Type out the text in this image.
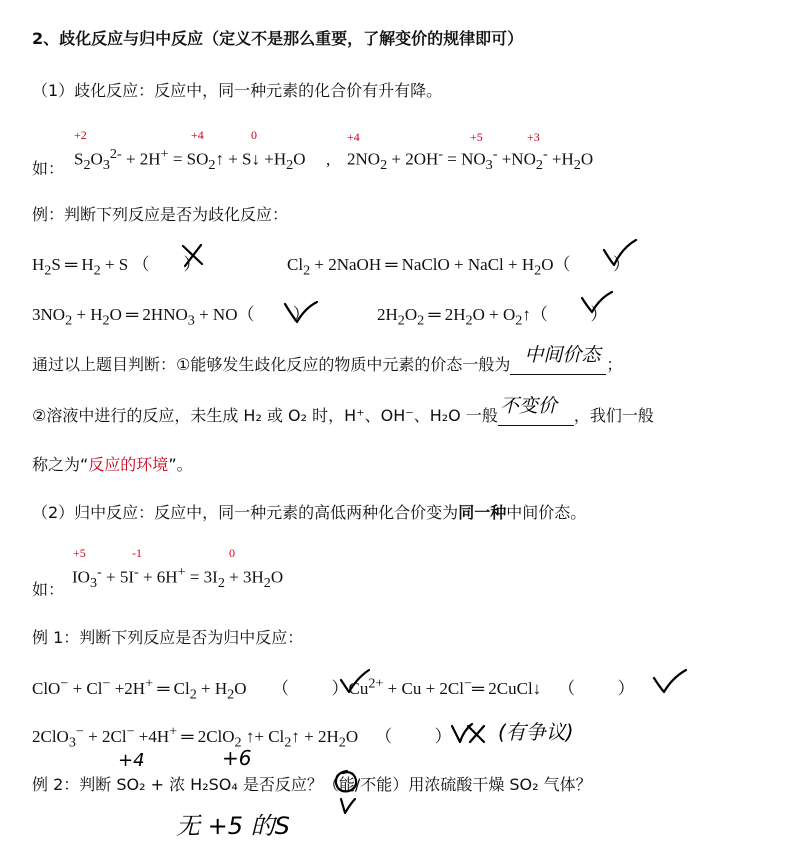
2、歧化反应与归中反应（定义不是那么重要，了解变价的规律即可）
（1）歧化反应：反应中，同一种元素的化合价有升有降。
+2	+4	0	+4	+5	+3
如： $S_2O_3^{2-} + 2H^+$ = $SO_2↑$ + S↓ $+H_2O$ , $2NO_2 + 2OH^- = NO_3^- +NO_2^- +H_2O$
例：判断下列反应是否为歧化反应：
$H_2S$ ═ $H_2 + S$ （        ）	$Cl_2$ + 2NaOH ═ NaClO + NaCl + $H_2O$（          ）
$3NO_2 + H_2O$ ═ $2HNO_3 + NO$（         ）	$2H_2O_2$ ═ $2H_2O$ + $O_2↑$（          ）
通过以上题目判断：①能够发生歧化反应的物质中元素的价态一般为 中间价态 ；
②溶液中进行的反应，未生成 H₂ 或 O₂ 时，H⁺、OH⁻、H₂O 一般 不变价 ，我们一般
称之为“反应的环境”。
（2）归中反应：反应中，同一种元素的高低两种化合价变为同一种中间价态。
+5	-1	0
如：
$IO_3^- + 5I^- + 6H^+ = 3I_2 + 3H_2O$
例 1：判断下列反应是否为归中反应：
ClO− + Cl− +2H+ ═ $Cl_2 + H_2O$      （          ）$Cu^{2+} + Cu$ + 2Cl−═ 2CuCl↓    （          ）
2ClO$_3$− + 2Cl− +4H+ ═ 2ClO$_2$ ↑+ $Cl_2↑ + 2H_2O$    （          ） (有争议)
+4	+6
例 2：判断 SO₂ + 浓 H₂SO₄ 是否反应？（能
/不能）用浓硫酸干燥 SO₂ 气体？
无 +5 的S
